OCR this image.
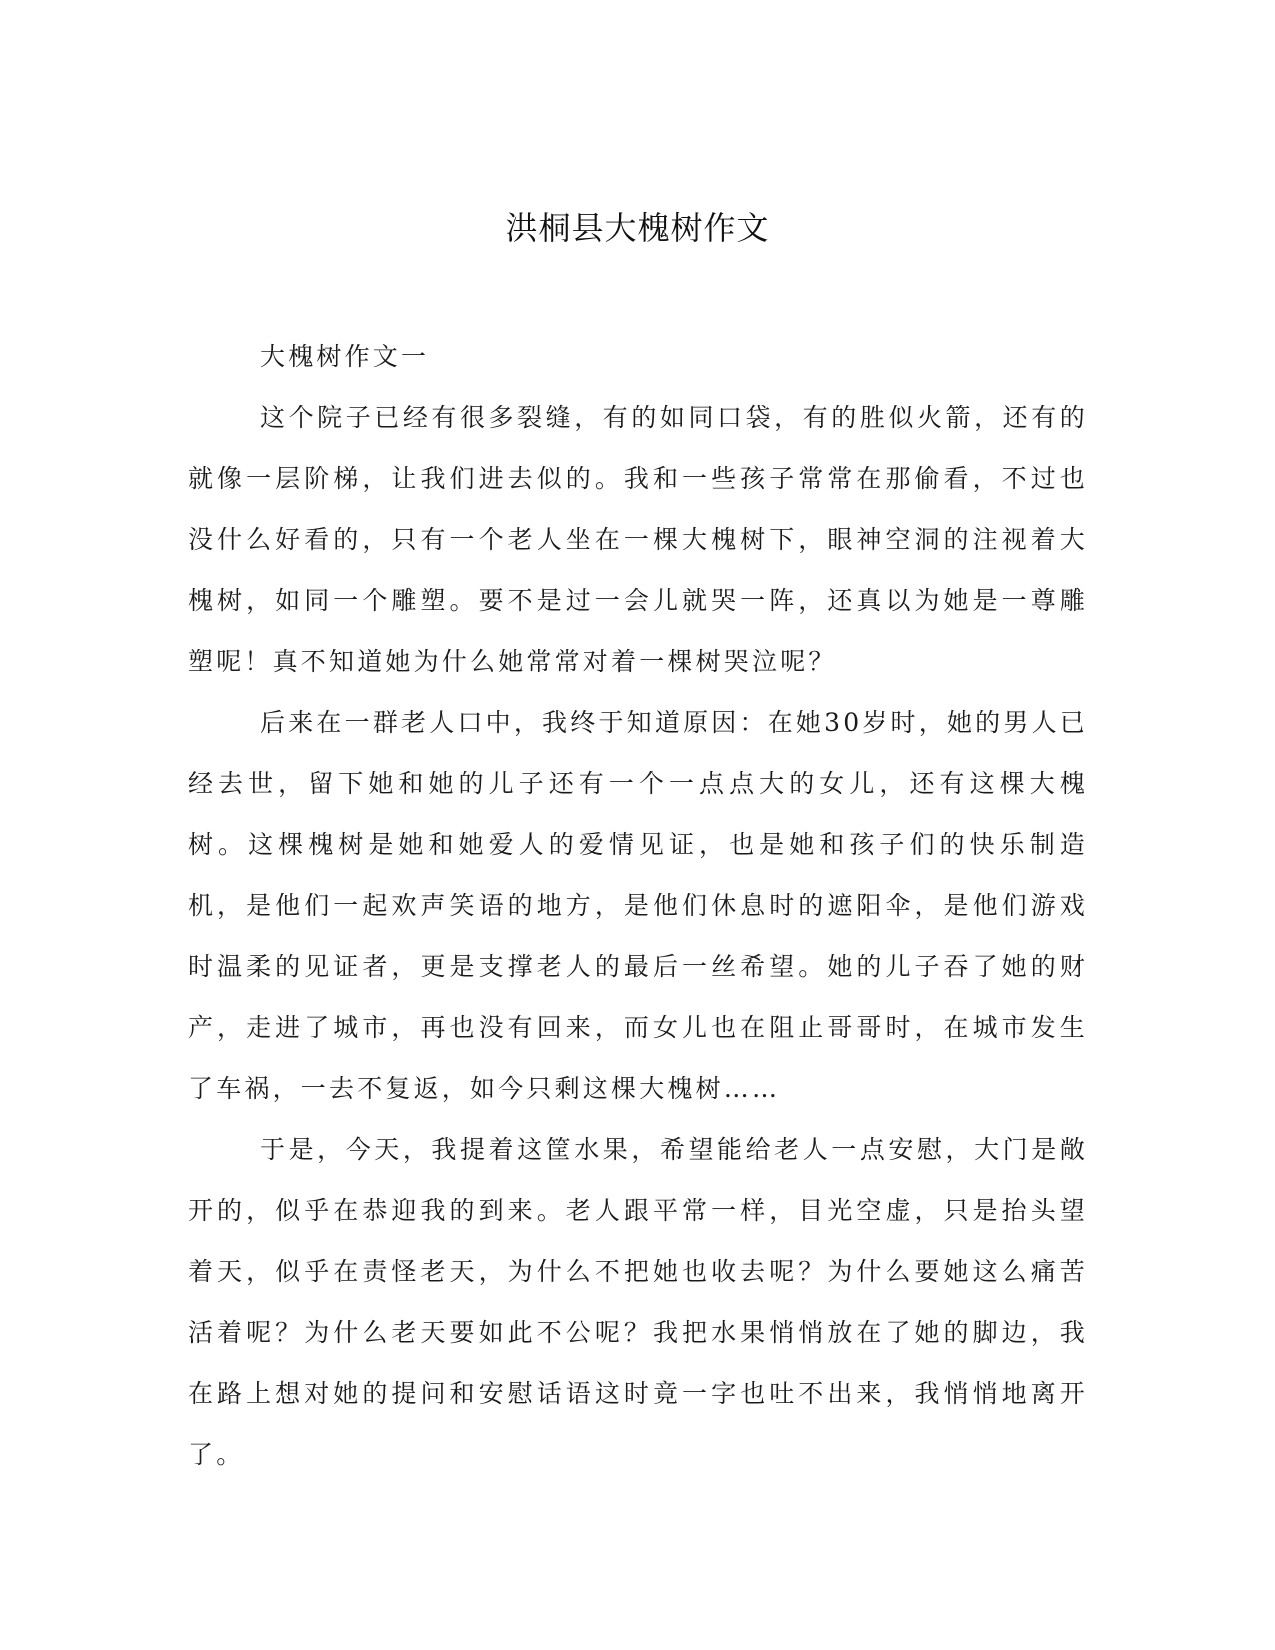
洪桐县大槐树作文

大槐树作文一

这个院子已经有很多裂缝，有的如同口袋，有的胜似火箭，还有的就像一层阶梯，让我们进去似的。我和一些孩子常常在那偷看，不过也没什么好看的，只有一个老人坐在一棵大槐树下，眼神空洞的注视着大槐树，如同一个雕塑。要不是过一会儿就哭一阵，还真以为她是一尊雕塑呢！真不知道她为什么她常常对着一棵树哭泣呢？

后来在一群老人口中，我终于知道原因：在她30岁时，她的男人已经去世，留下她和她的儿子还有一个一点点大的女儿，还有这棵大槐树。这棵槐树是她和她爱人的爱情见证，也是她和孩子们的快乐制造机，是他们一起欢声笑语的地方，是他们休息时的遮阳伞，是他们游戏时温柔的见证者，更是支撑老人的最后一丝希望。她的儿子吞了她的财产，走进了城市，再也没有回来，而女儿也在阻止哥哥时，在城市发生了车祸，一去不复返，如今只剩这棵大槐树……

于是，今天，我提着这筐水果，希望能给老人一点安慰，大门是敞开的，似乎在恭迎我的到来。老人跟平常一样，目光空虚，只是抬头望着天，似乎在责怪老天，为什么不把她也收去呢？为什么要她这么痛苦活着呢？为什么老天要如此不公呢？我把水果悄悄放在了她的脚边，我在路上想对她的提问和安慰话语这时竟一字也吐不出来，我悄悄地离开了。
